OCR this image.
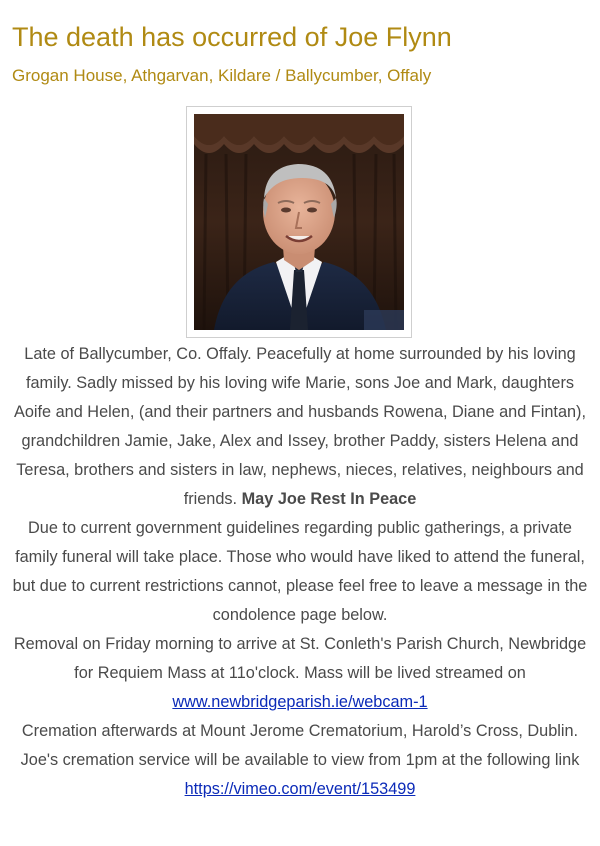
The death has occurred of Joe Flynn
Grogan House, Athgarvan, Kildare / Ballycumber, Offaly

Late of Ballycumber, Co. Offaly. Peacefully at home surrounded by his loving family. Sadly missed by his loving wife Marie, sons Joe and Mark, daughters Aoife and Helen, (and their partners and husbands Rowena, Diane and Fintan), grandchildren Jamie, Jake, Alex and Issey, brother Paddy, sisters Helena and Teresa, brothers and sisters in law, nephews, nieces, relatives, neighbours and friends. May Joe Rest In Peace

Due to current government guidelines regarding public gatherings, a private family funeral will take place. Those who would have liked to attend the funeral, but due to current restrictions cannot, please feel free to leave a message in the condolence page below.

Removal on Friday morning to arrive at St. Conleth's Parish Church, Newbridge for Requiem Mass at 11o'clock. Mass will be lived streamed on

www.newbridgeparish.ie/webcam-1

Cremation afterwards at Mount Jerome Crematorium, Harold’s Cross, Dublin. Joe's cremation service will be available to view from 1pm at the following link

https://vimeo.com/event/153499
